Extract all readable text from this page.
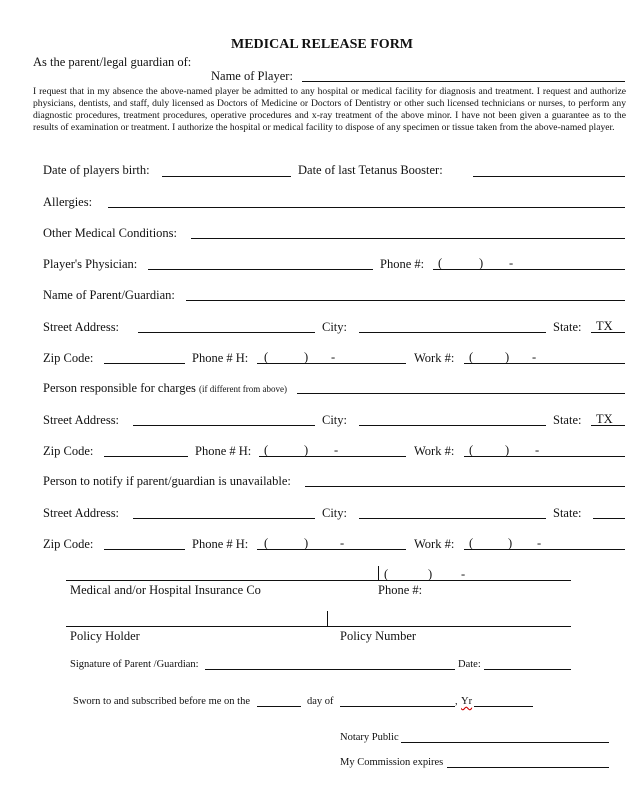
MEDICAL RELEASE FORM
As the parent/legal guardian of:
Name of Player:
I request that in my absence the above-named player be admitted to any hospital or medical facility for diagnosis and treatment. I request and authorize physicians, dentists, and staff, duly licensed as Doctors of Medicine or Doctors of Dentistry or other such licensed technicians or nurses, to perform any diagnostic procedures, treatment procedures, operative procedures and x-ray treatment of the above minor. I have not been given a guarantee as to the results of examination or treatment. I authorize the hospital or medical facility to dispose of any specimen or tissue taken from the above-named player.
Date of players birth:	Date of last Tetanus Booster:
Allergies:
Other Medical Conditions:
Player's Physician:	Phone #: (	) -
Name of Parent/Guardian:
Street Address:	City:	State: TX
Zip Code:	Phone # H: (	) -	Work #: (	) -
Person responsible for charges (if different from above)
Street Address:	City:	State: TX
Zip Code:	Phone # H: (	) -	Work #: (	) -
Person to notify if parent/guardian is unavailable:
Street Address:	City:	State:
Zip Code:	Phone # H: (	)	-	Work #: (	) -
(	) -
Medical and/or Hospital Insurance Co	Phone #:
Policy Holder	Policy Number
Signature of Parent /Guardian:	Date:
Sworn to and subscribed before me on the	day of	, Yr
Notary Public
My Commission expires
